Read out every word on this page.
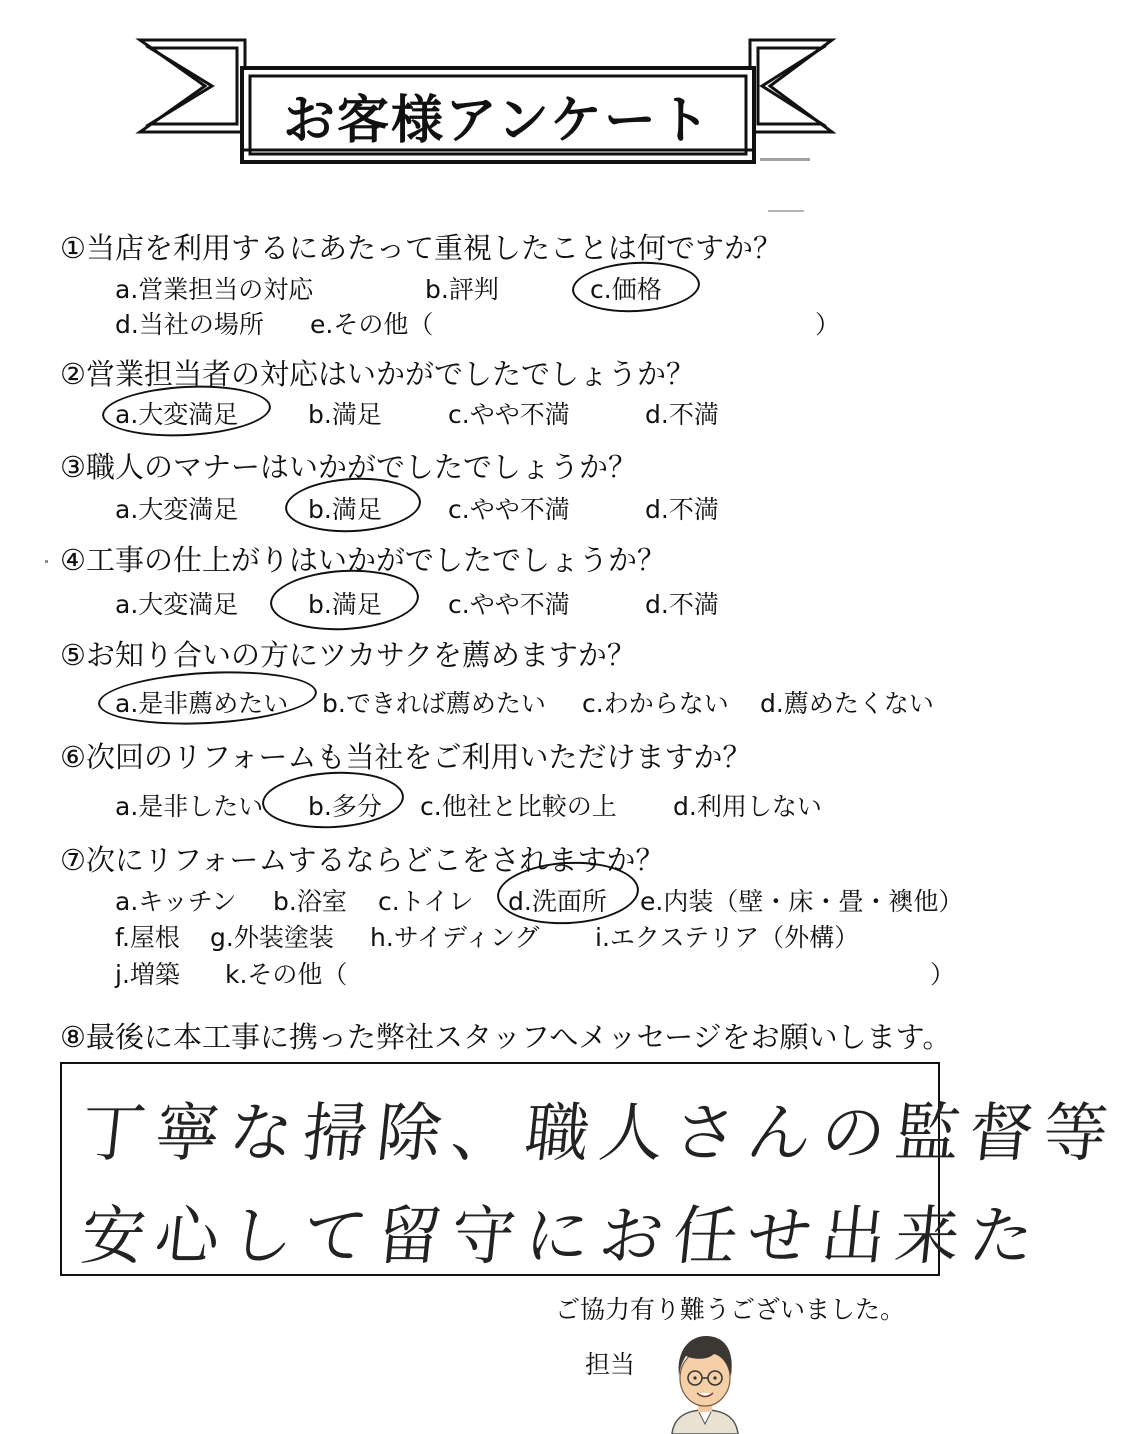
お客様アンケート
①当店を利用するにあたって重視したことは何ですか？
a.営業担当の対応	b.評判	c.価格
d.当社の場所 e.その他（	）
②営業担当者の対応はいかがでしたでしょうか？
a.大変満足	b.満足	c.やや不満	d.不満
③職人のマナーはいかがでしたでしょうか？
a.大変満足	b.満足	c.やや不満	d.不満
④工事の仕上がりはいかがでしたでしょうか？
a.大変満足	b.満足	c.やや不満	d.不満
⑤お知り合いの方にツカサクを薦めますか？
a.是非薦めたい b.できれば薦めたい c.わからない d.薦めたくない
⑥次回のリフォームも当社をご利用いただけますか？
a.是非したい b.多分 c.他社と比較の上 d.利用しない
⑦次にリフォームするならどこをされますか？
a.キッチン b.浴室 c.トイレ d.洗面所 e.内装（壁・床・畳・襖他）
f.屋根 g.外装塗装 h.サイディング i.エクステリア（外構）
j.増築 k.その他（	）
⑧最後に本工事に携った弊社スタッフへメッセージをお願いします。
丁寧な掃除、職人さんの監督等
安心して留守にお任せ出来た
ご協力有り難うございました。
担当
